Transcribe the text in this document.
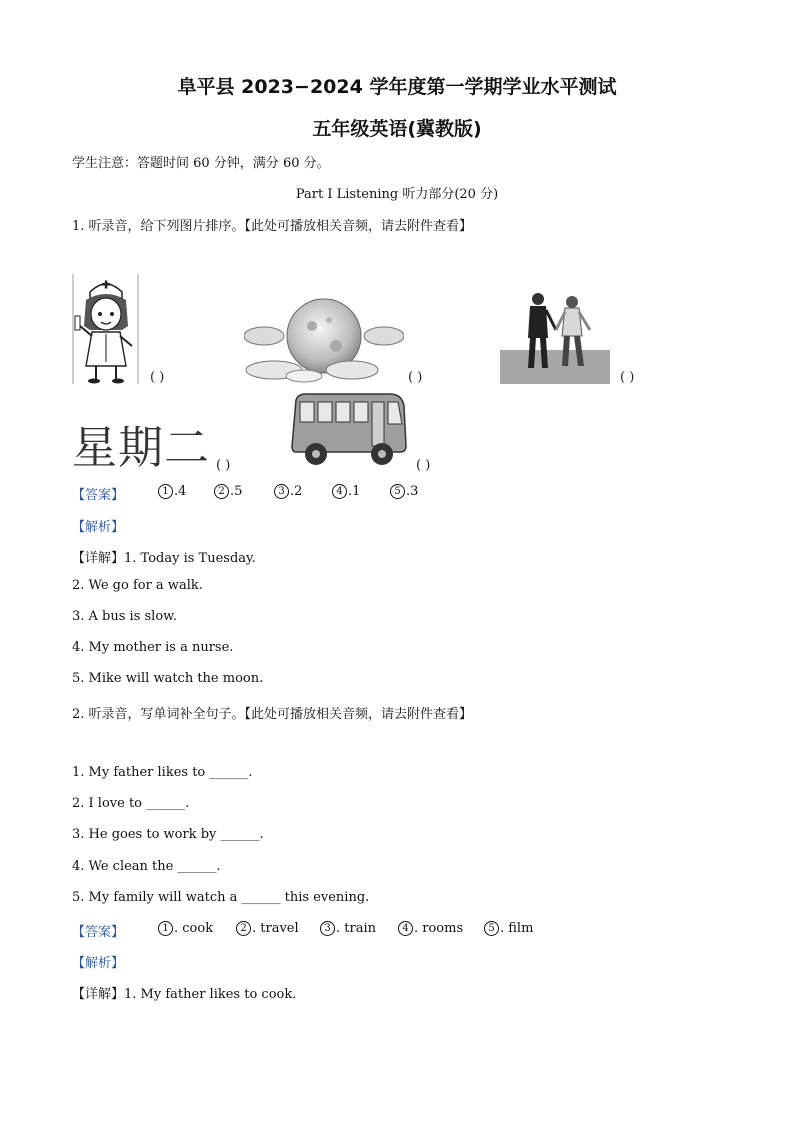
阜平县 2023−2024 学年度第一学期学业水平测试
五年级英语(冀教版)
学生注意：答题时间 60 分钟，满分 60 分。
Part I Listening 听力部分(20 分)
1. 听录音，给下列图片排序。【此处可播放相关音频，请去附件查看】
( )	( )	( )
星期二 ( )	( )
【答案】	1 .4	2 .5	3 .2	4 .1	5 .3
【解析】
【详解】1. Today is Tuesday.
2. We go for a walk.
3. A bus is slow.
4. My mother is a nurse.
5. Mike will watch the moon.
2. 听录音，写单词补全句子。【此处可播放相关音频，请去附件查看】
1. My father likes to ______.
2. I love to ______.
3. He goes to work by ______.
4. We clean the ______.
5. My family will watch a ______ this evening.
【答案】	1 . cook	2 . travel	3 . train	4 . rooms	5 . film
【解析】
【详解】1. My father likes to cook.
